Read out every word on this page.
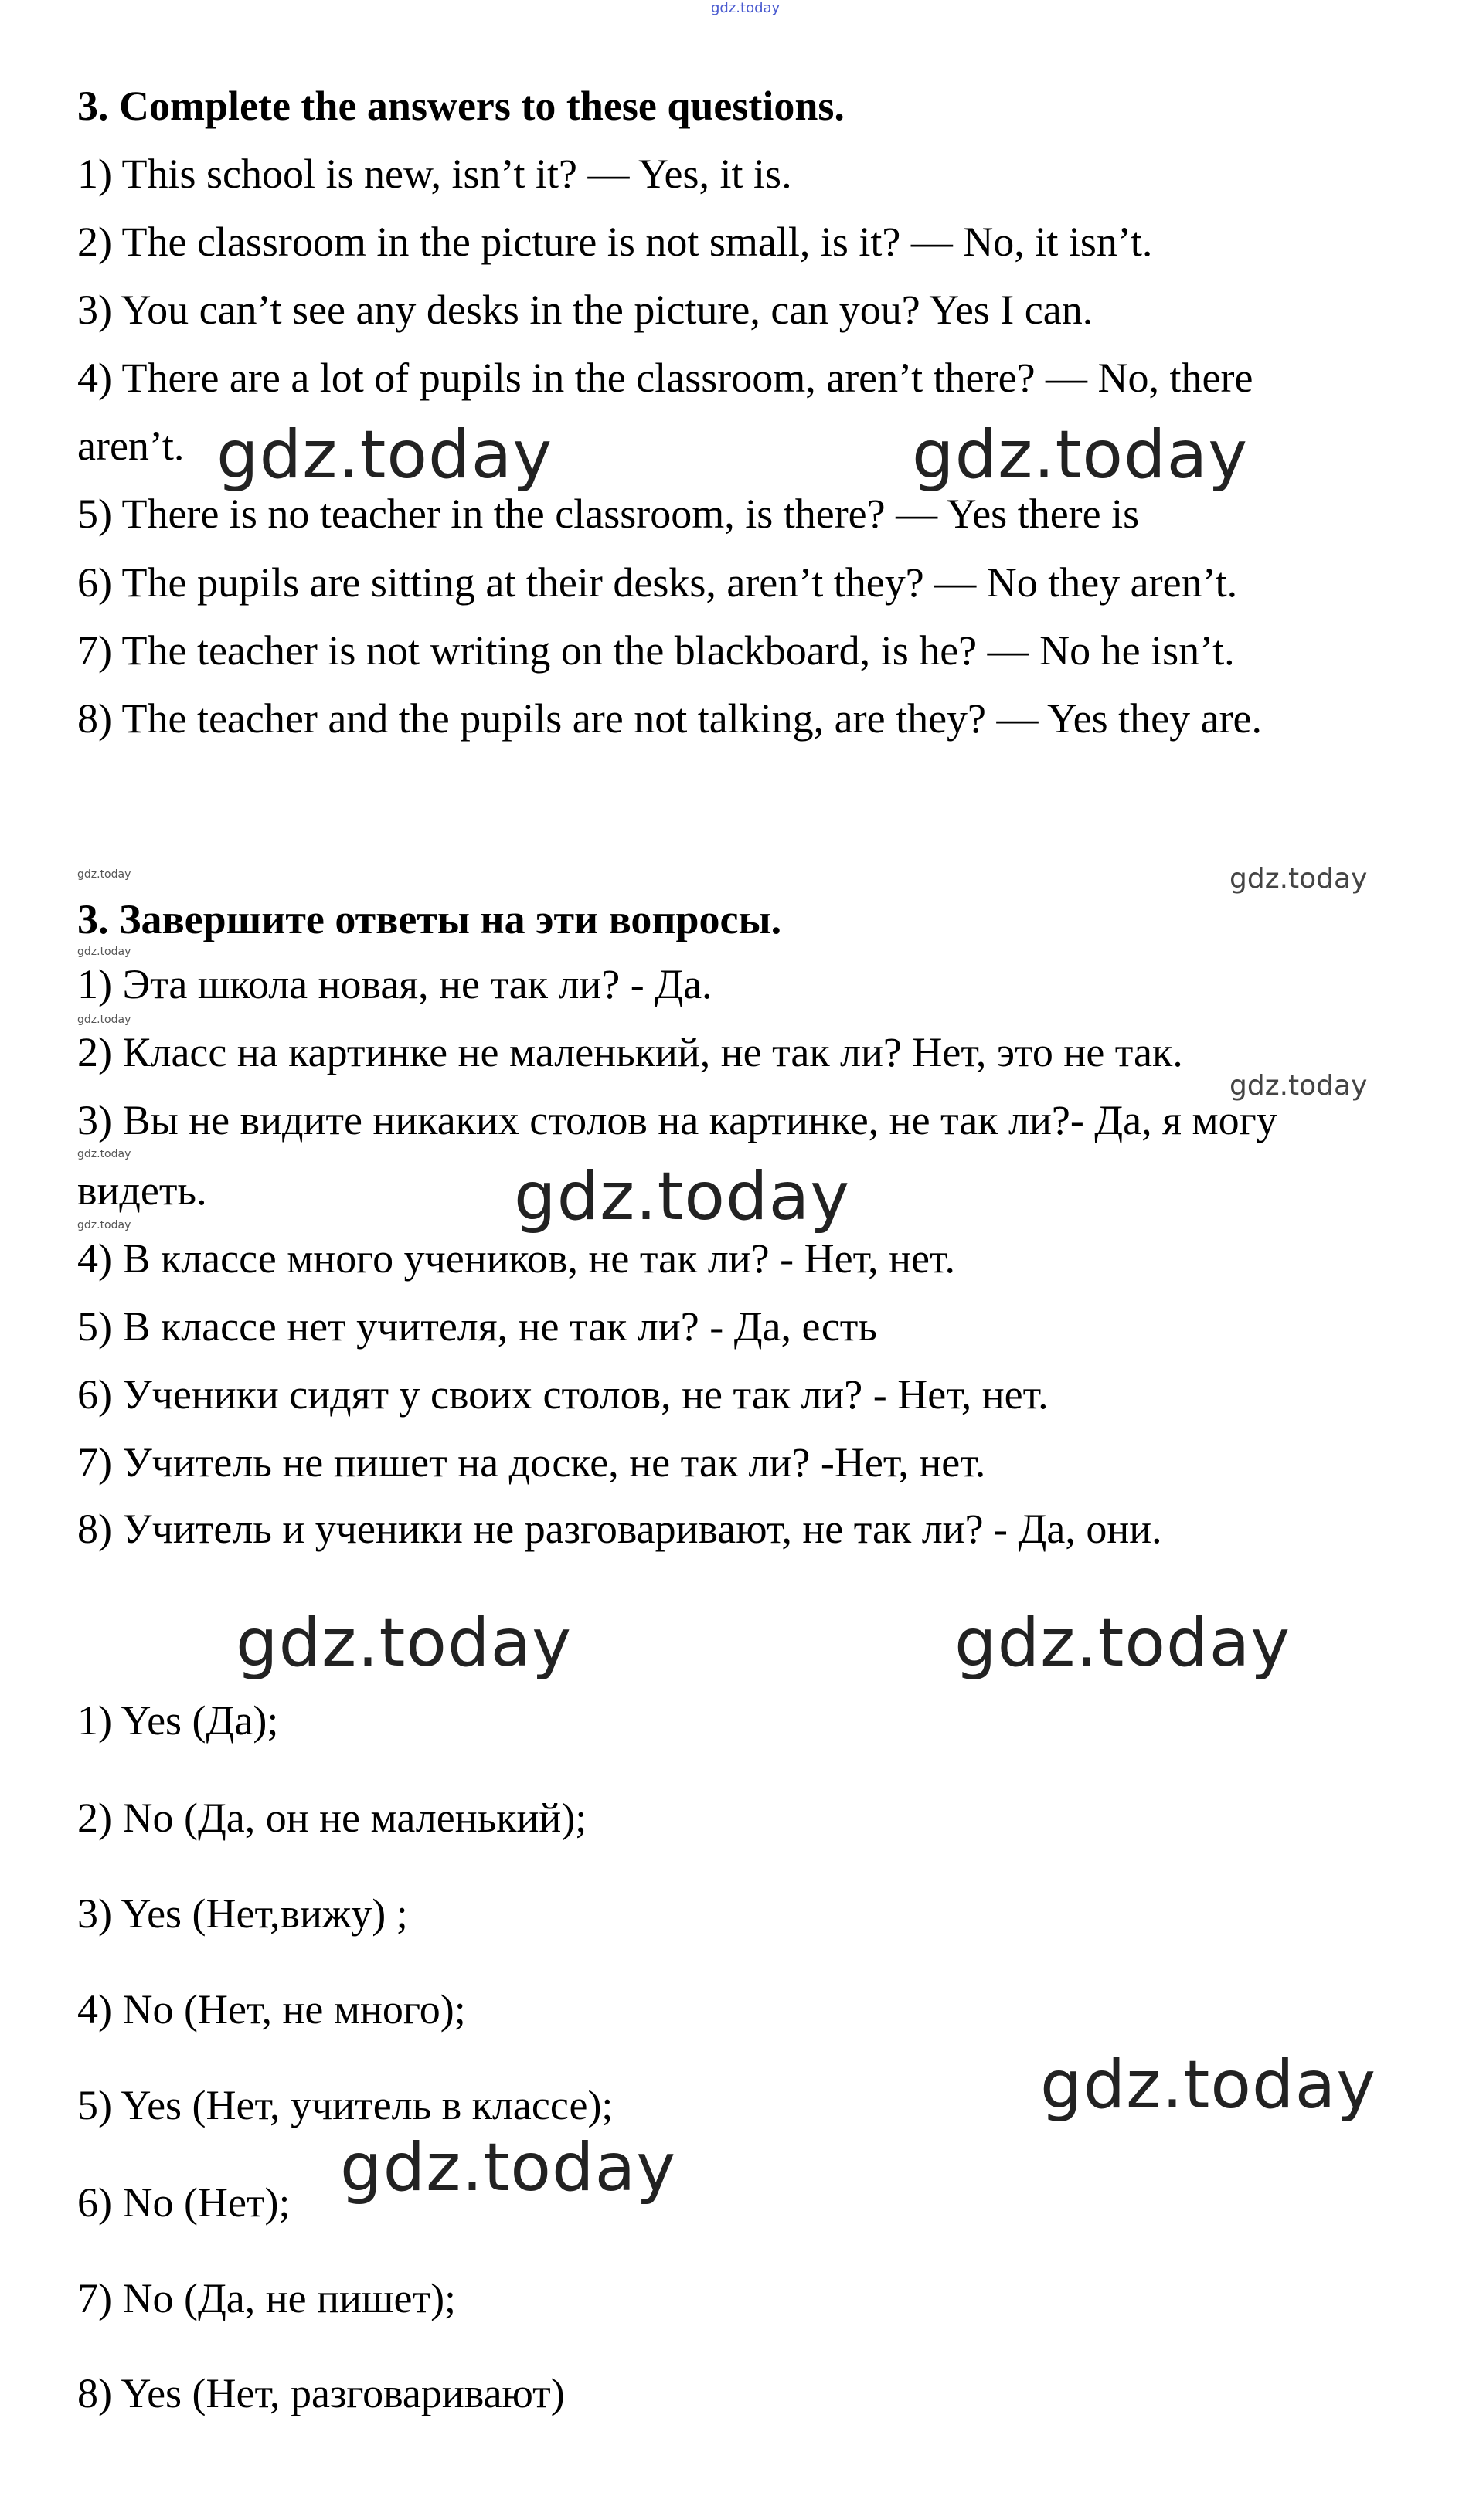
gdz.today
3. Complete the answers to these questions.
1) This school is new, isn’t it? — Yes, it is.
2) The classroom in the picture is not small, is it? — No, it isn’t.
3) You can’t see any desks in the picture, can you? Yes I can.
4) There are a lot of pupils in the classroom, aren’t there? — No, there
aren’t.
5) There is no teacher in the classroom, is there? — Yes there is
6) The pupils are sitting at their desks, aren’t they? — No they aren’t.
7) The teacher is not writing on the blackboard, is he? — No he isn’t.
8) The teacher and the pupils are not talking, are they? — Yes they are.
gdz.today	gdz.today
gdz.today	gdz.today
3. Завершите ответы на эти вопросы.
gdz.today
1) Эта школа новая, не так ли? - Да.
gdz.today
2) Класс на картинке не маленький, не так ли? Нет, это не так.
gdz.today
3) Вы не видите никаких столов на картинке, не так ли?- Да, я могу
gdz.today
видеть.	gdz.today
gdz.today
4) В классе много учеников, не так ли? - Нет, нет.
5) В классе нет учителя, не так ли? - Да, есть
6) Ученики сидят у своих столов, не так ли? - Нет, нет.
7) Учитель не пишет на доске, не так ли? -Нет, нет.
8) Учитель и ученики не разговаривают, не так ли? - Да, они.
gdz.today	gdz.today
1) Yes (Да);
2) No (Да, он не маленький);
3) Yes (Нет,вижу) ;
4) No (Нет, не много);
5) Yes (Нет, учитель в классе);
6) No (Нет);
7) No (Да, не пишет);
8) Yes (Нет, разговаривают)
gdz.today
gdz.today
